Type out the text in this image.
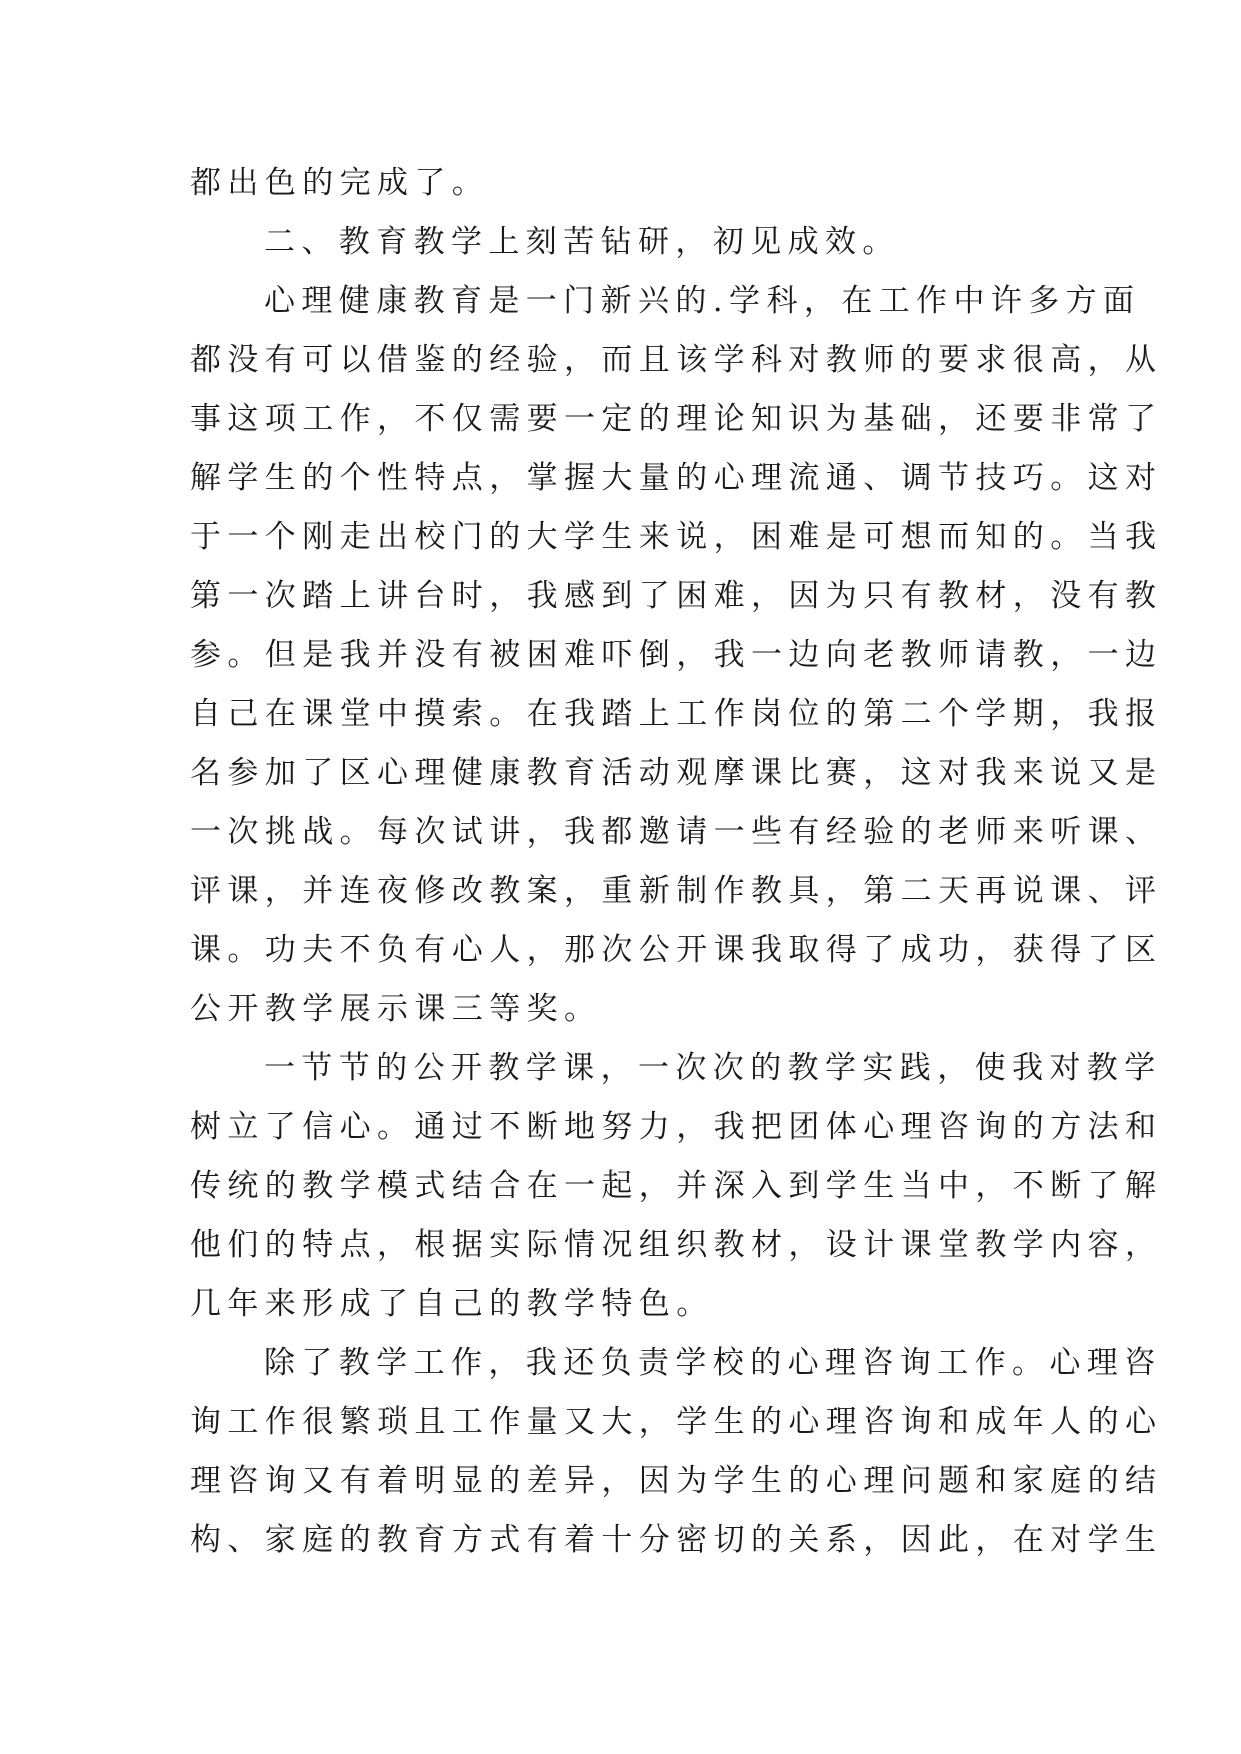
都出色的完成了。
二、教育教学上刻苦钻研，初见成效。
心理健康教育是一门新兴的.学科，在工作中许多方面
都没有可以借鉴的经验，而且该学科对教师的要求很高，从
事这项工作，不仅需要一定的理论知识为基础，还要非常了
解学生的个性特点，掌握大量的心理流通、调节技巧。这对
于一个刚走出校门的大学生来说，困难是可想而知的。当我
第一次踏上讲台时，我感到了困难，因为只有教材，没有教
参。但是我并没有被困难吓倒，我一边向老教师请教，一边
自己在课堂中摸索。在我踏上工作岗位的第二个学期，我报
名参加了区心理健康教育活动观摩课比赛，这对我来说又是
一次挑战。每次试讲，我都邀请一些有经验的老师来听课、
评课，并连夜修改教案，重新制作教具，第二天再说课、评
课。功夫不负有心人，那次公开课我取得了成功，获得了区
公开教学展示课三等奖。
一节节的公开教学课，一次次的教学实践，使我对教学
树立了信心。通过不断地努力，我把团体心理咨询的方法和
传统的教学模式结合在一起，并深入到学生当中，不断了解
他们的特点，根据实际情况组织教材，设计课堂教学内容，
几年来形成了自己的教学特色。
除了教学工作，我还负责学校的心理咨询工作。心理咨
询工作很繁琐且工作量又大，学生的心理咨询和成年人的心
理咨询又有着明显的差异，因为学生的心理问题和家庭的结
构、家庭的教育方式有着十分密切的关系，因此，在对学生
